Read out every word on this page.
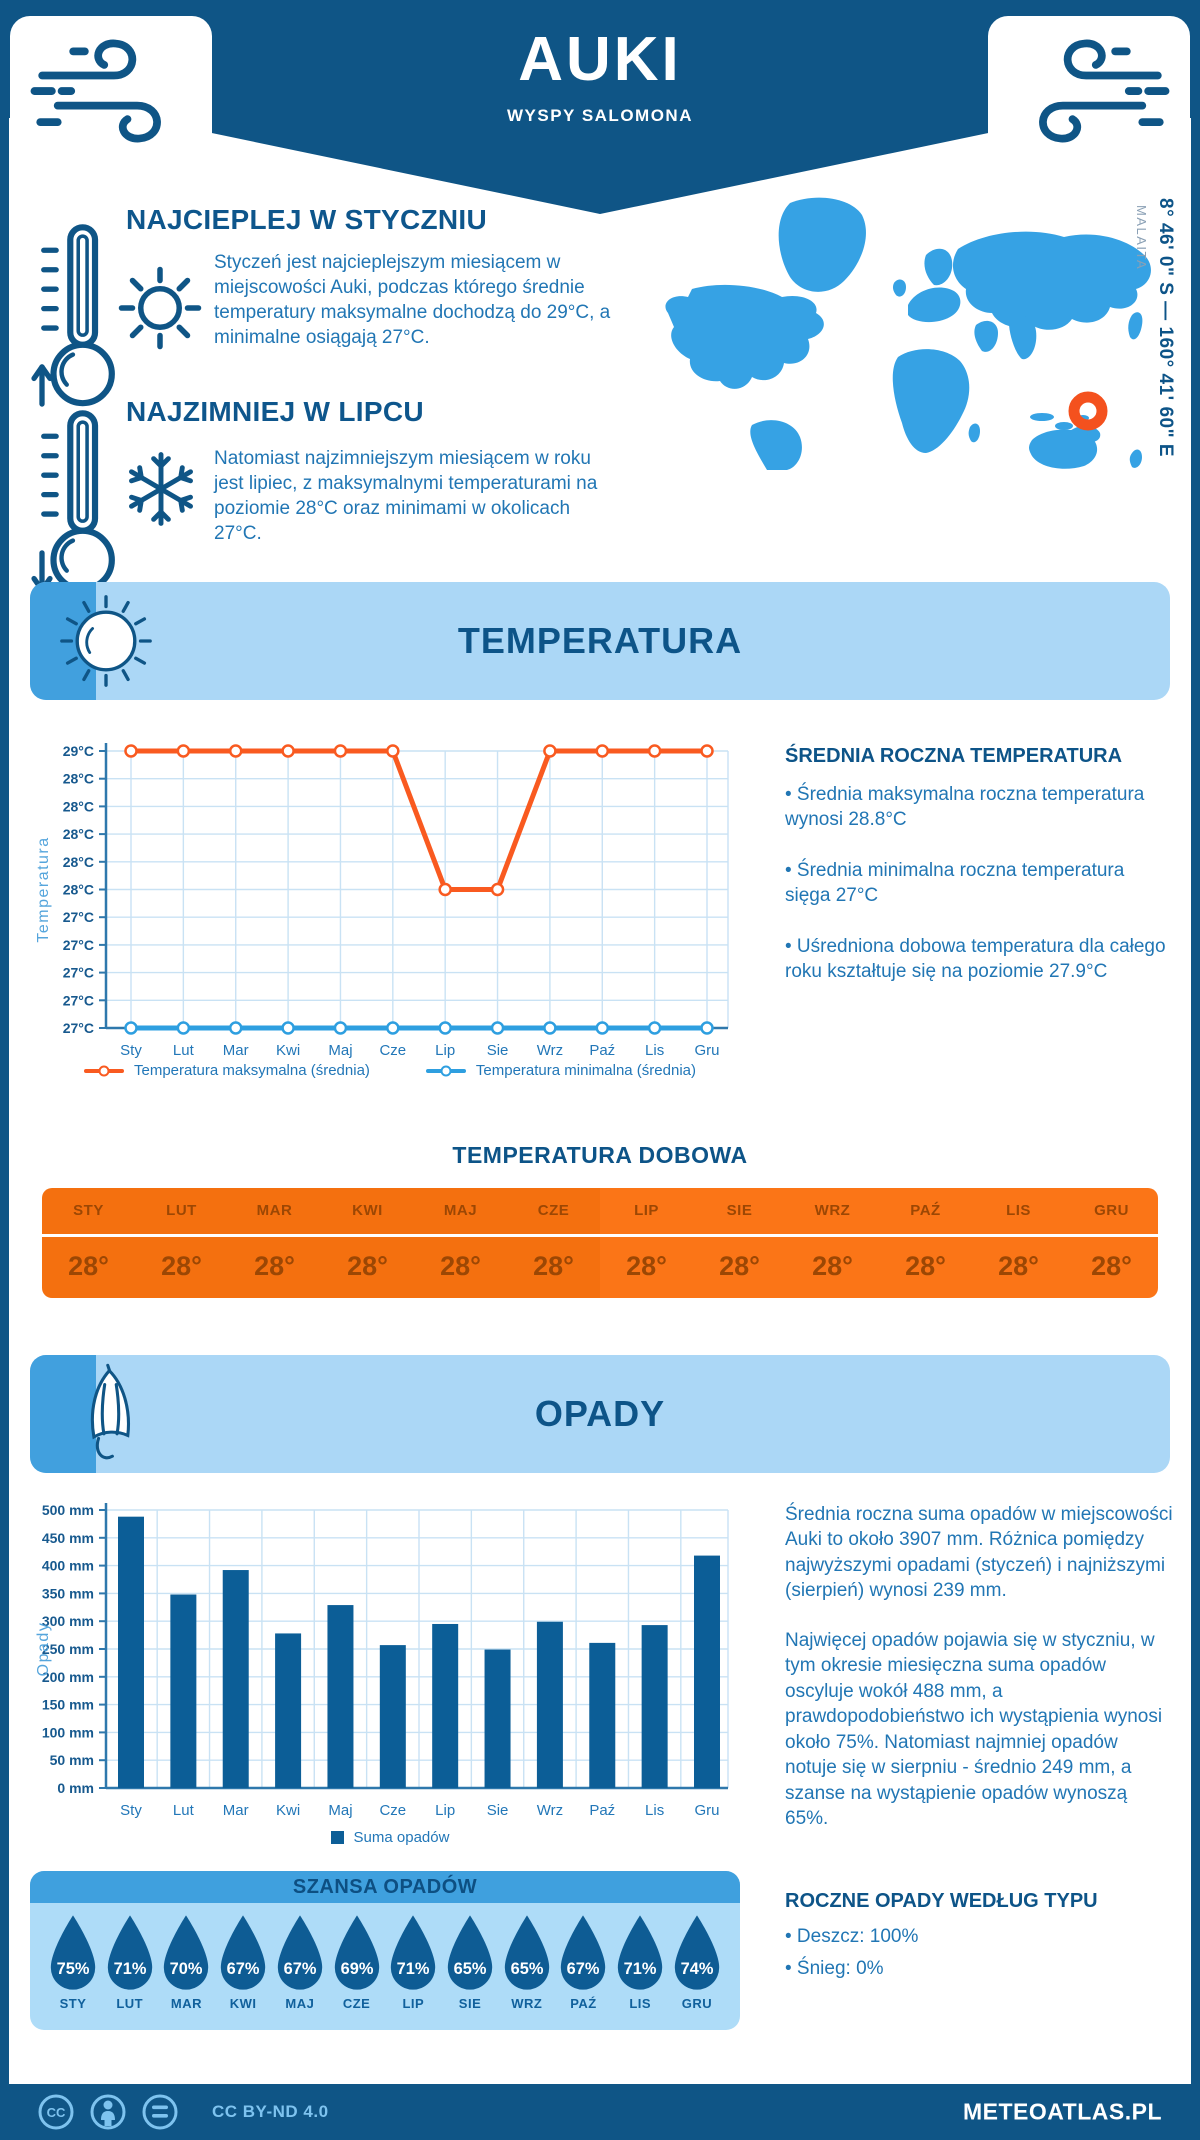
AUKI
WYSPY SALOMONA
NAJCIEPLEJ W STYCZNIU
Styczeń jest najcieplejszym miesiącem w miejscowości Auki, podczas którego średnie temperatury maksymalne dochodzą do 29°C, a minimalne osiągają 27°C.
NAJZIMNIEJ W LIPCU
Natomiast najzimniejszym miesiącem w roku jest lipiec, z maksymalnymi temperaturami na poziomie 28°C oraz minimami w okolicach 27°C.
8° 46' 0" S — 160° 41' 60" E
MALAITA
TEMPERATURA
29°C
28°C
28°C
28°C
28°C
28°C
27°C
27°C
27°C
27°C
27°C
Sty Lut Mar Kwi Maj Cze Lip Sie Wrz Paź Lis Gru
Temperatura
Temperatura maksymalna (średnia)	Temperatura minimalna (średnia)
ŚREDNIA ROCZNA TEMPERATURA
• Średnia maksymalna roczna temperatura wynosi 28.8°C
• Średnia minimalna roczna temperatura sięga 27°C
• Uśredniona dobowa temperatura dla całego roku kształtuje się na poziomie 27.9°C
TEMPERATURA DOBOWA
STY
28°
LUT
28°
MAR
28°
KWI
28°
MAJ
28°
CZE
28°
LIP
28°
SIE
28°
WRZ
28°
PAŹ
28°
LIS
28°
GRU
28°
OPADY
500 mm
450 mm
400 mm
350 mm
300 mm
250 mm
200 mm
150 mm
100 mm
50 mm
0 mm
Sty Lut Mar Kwi Maj Cze Lip Sie Wrz Paź Lis Gru
Opady
Suma opadów
Średnia roczna suma opadów w miejscowości Auki to około 3907 mm. Różnica pomiędzy najwyższymi opadami (styczeń) i najniższymi (sierpień) wynosi 239 mm.
Najwięcej opadów pojawia się w styczniu, w tym okresie miesięczna suma opadów oscyluje wokół 488 mm, a prawdopodobieństwo ich wystąpienia wynosi około 75%. Natomiast najmniej opadów notuje się w sierpniu - średnio 249 mm, a szanse na wystąpienie opadów wynoszą 65%.
ROCZNE OPADY WEDŁUG TYPU
• Deszcz: 100%
• Śnieg: 0%
SZANSA OPADÓW
75%
STY
71%
LUT
70%
MAR
67%
KWI
67%
MAJ
69%
CZE
71%
LIP
65%
SIE
65%
WRZ
67%
PAŹ
71%
LIS
74%
GRU
CC	CC BY-ND 4.0	METEOATLAS.PL
